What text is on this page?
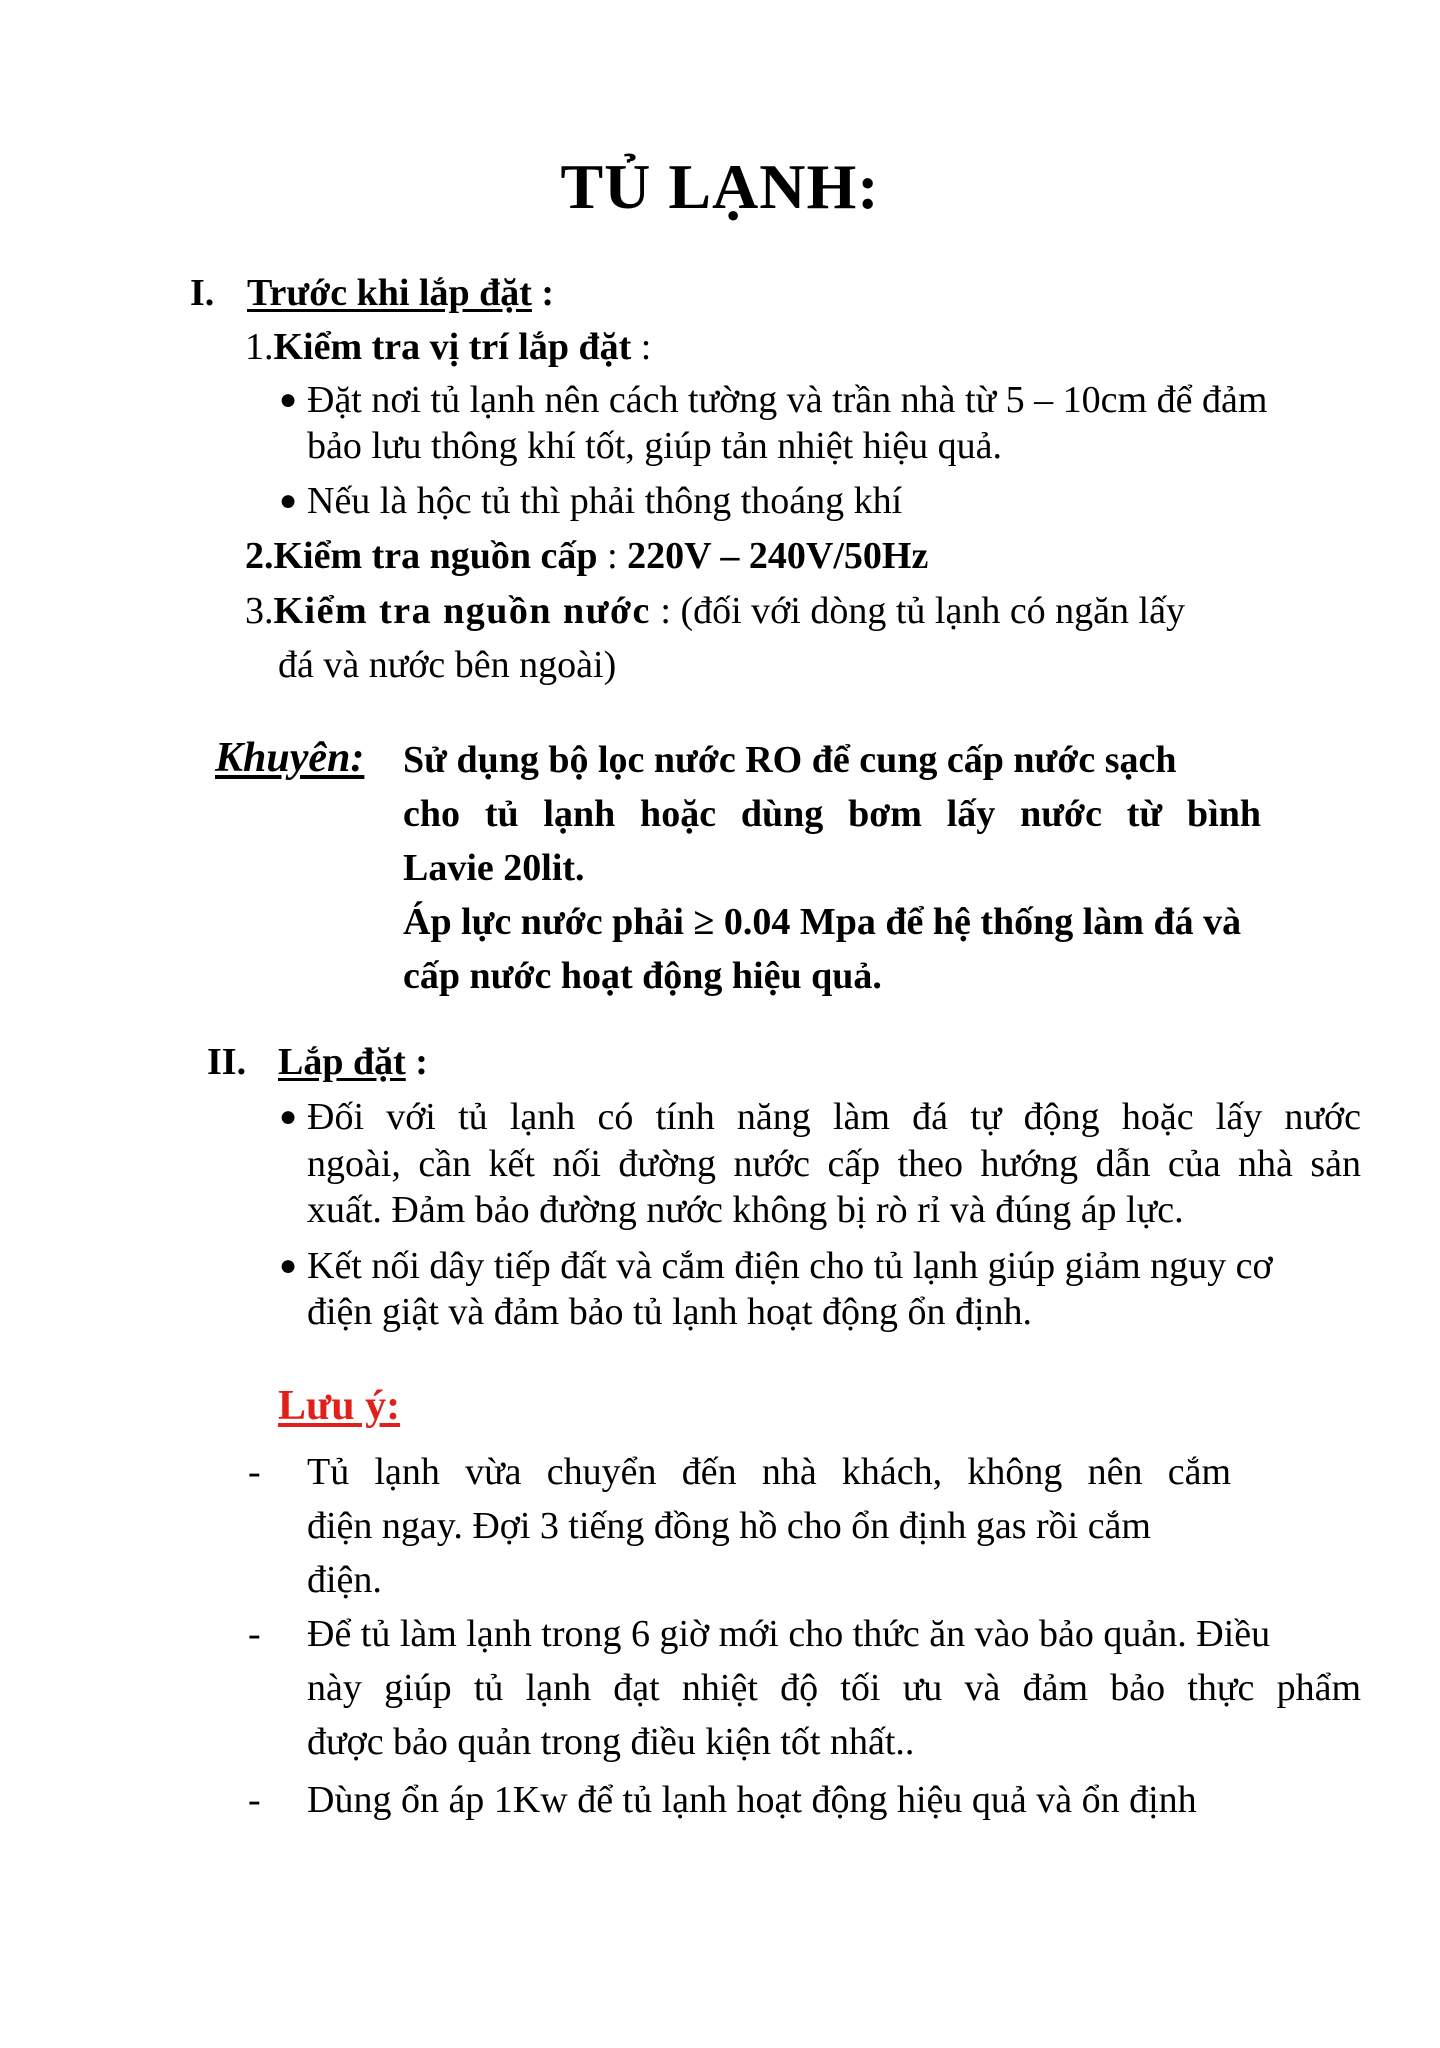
TỦ LẠNH:
I. Trước khi lắp đặt :
1.Kiểm tra vị trí lắp đặt :
● Đặt nơi tủ lạnh nên cách tường và trần nhà từ 5 – 10cm để đảm
bảo lưu thông khí tốt, giúp tản nhiệt hiệu quả.
● Nếu là hộc tủ thì phải thông thoáng khí
2.Kiểm tra nguồn cấp : 220V – 240V/50Hz
3.Kiểm tra nguồn nước : (đối với dòng tủ lạnh có ngăn lấy
đá và nước bên ngoài)
Khuyên: Sử dụng bộ lọc nước RO để cung cấp nước sạch
cho tủ lạnh hoặc dùng bơm lấy nước từ bình
Lavie 20lit.
Áp lực nước phải ≥ 0.04 Mpa để hệ thống làm đá và
cấp nước hoạt động hiệu quả.
II. Lắp đặt :
● Đối với tủ lạnh có tính năng làm đá tự động hoặc lấy nước
ngoài, cần kết nối đường nước cấp theo hướng dẫn của nhà sản
xuất. Đảm bảo đường nước không bị rò rỉ và đúng áp lực.
● Kết nối dây tiếp đất và cắm điện cho tủ lạnh giúp giảm nguy cơ
điện giật và đảm bảo tủ lạnh hoạt động ổn định.
Lưu ý:
- Tủ lạnh vừa chuyển đến nhà khách, không nên cắm
điện ngay. Đợi 3 tiếng đồng hồ cho ổn định gas rồi cắm
điện.
- Để tủ làm lạnh trong 6 giờ mới cho thức ăn vào bảo quản. Điều
này giúp tủ lạnh đạt nhiệt độ tối ưu và đảm bảo thực phẩm
được bảo quản trong điều kiện tốt nhất..
- Dùng ổn áp 1Kw để tủ lạnh hoạt động hiệu quả và ổn định
